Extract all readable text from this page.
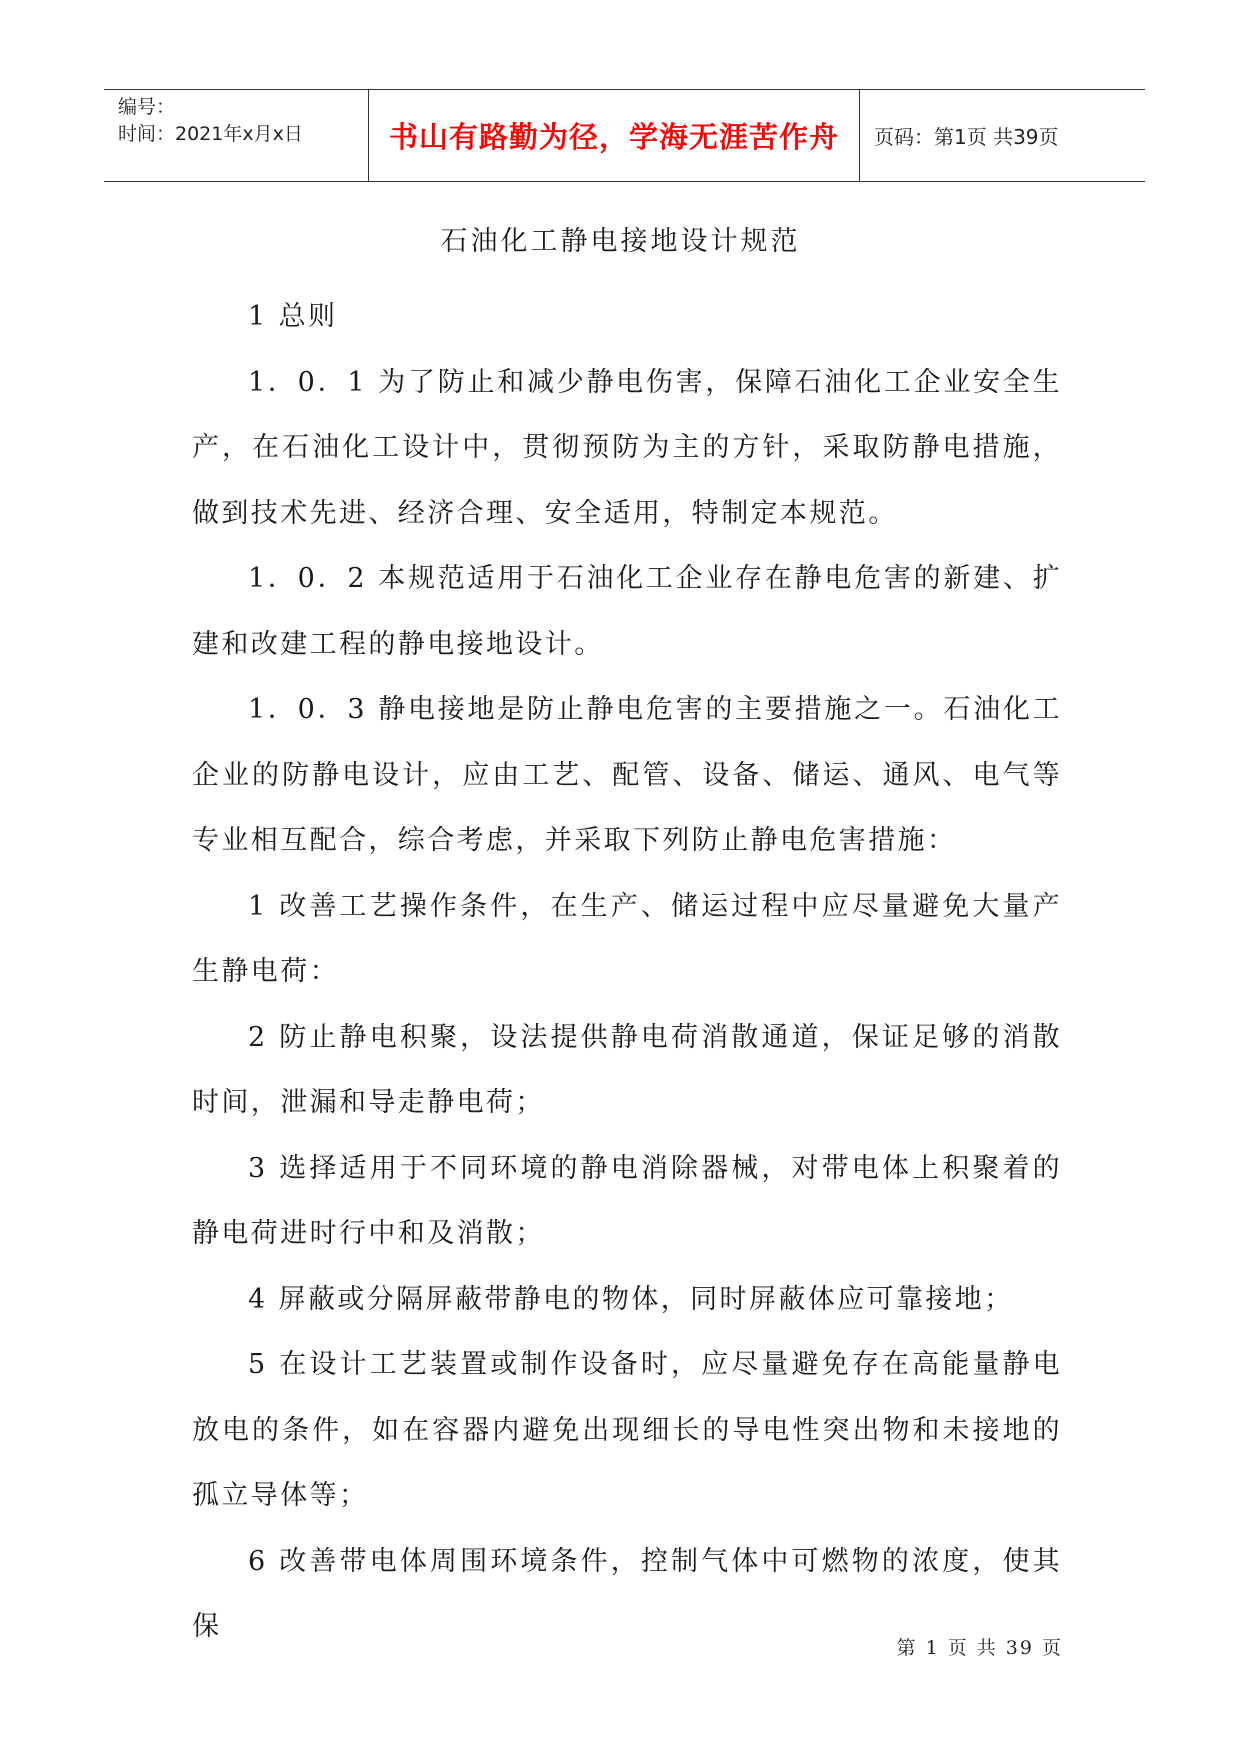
编号：
时间：2021年x月x日	书山有路勤为径，学海无涯苦作舟	页码：第1页 共39页
石油化工静电接地设计规范

1 总则

1．0．1 为了防止和减少静电伤害，保障石油化工企业安全生产，在石油化工设计中，贯彻预防为主的方针，采取防静电措施，做到技术先进、经济合理、安全适用，特制定本规范。

1．0．2 本规范适用于石油化工企业存在静电危害的新建、扩建和改建工程的静电接地设计。

1．0．3 静电接地是防止静电危害的主要措施之一。石油化工企业的防静电设计，应由工艺、配管、设备、储运、通风、电气等专业相互配合，综合考虑，并采取下列防止静电危害措施：

1 改善工艺操作条件，在生产、储运过程中应尽量避免大量产生静电荷：

2 防止静电积聚，设法提供静电荷消散通道，保证足够的消散时间，泄漏和导走静电荷；

3 选择适用于不同环境的静电消除器械，对带电体上积聚着的静电荷进时行中和及消散；

4 屏蔽或分隔屏蔽带静电的物体，同时屏蔽体应可靠接地；

5 在设计工艺装置或制作设备时，应尽量避免存在高能量静电放电的条件，如在容器内避免出现细长的导电性突出物和未接地的孤立导体等；

6 改善带电体周围环境条件，控制气体中可燃物的浓度，使其保

第 1 页 共 39 页
